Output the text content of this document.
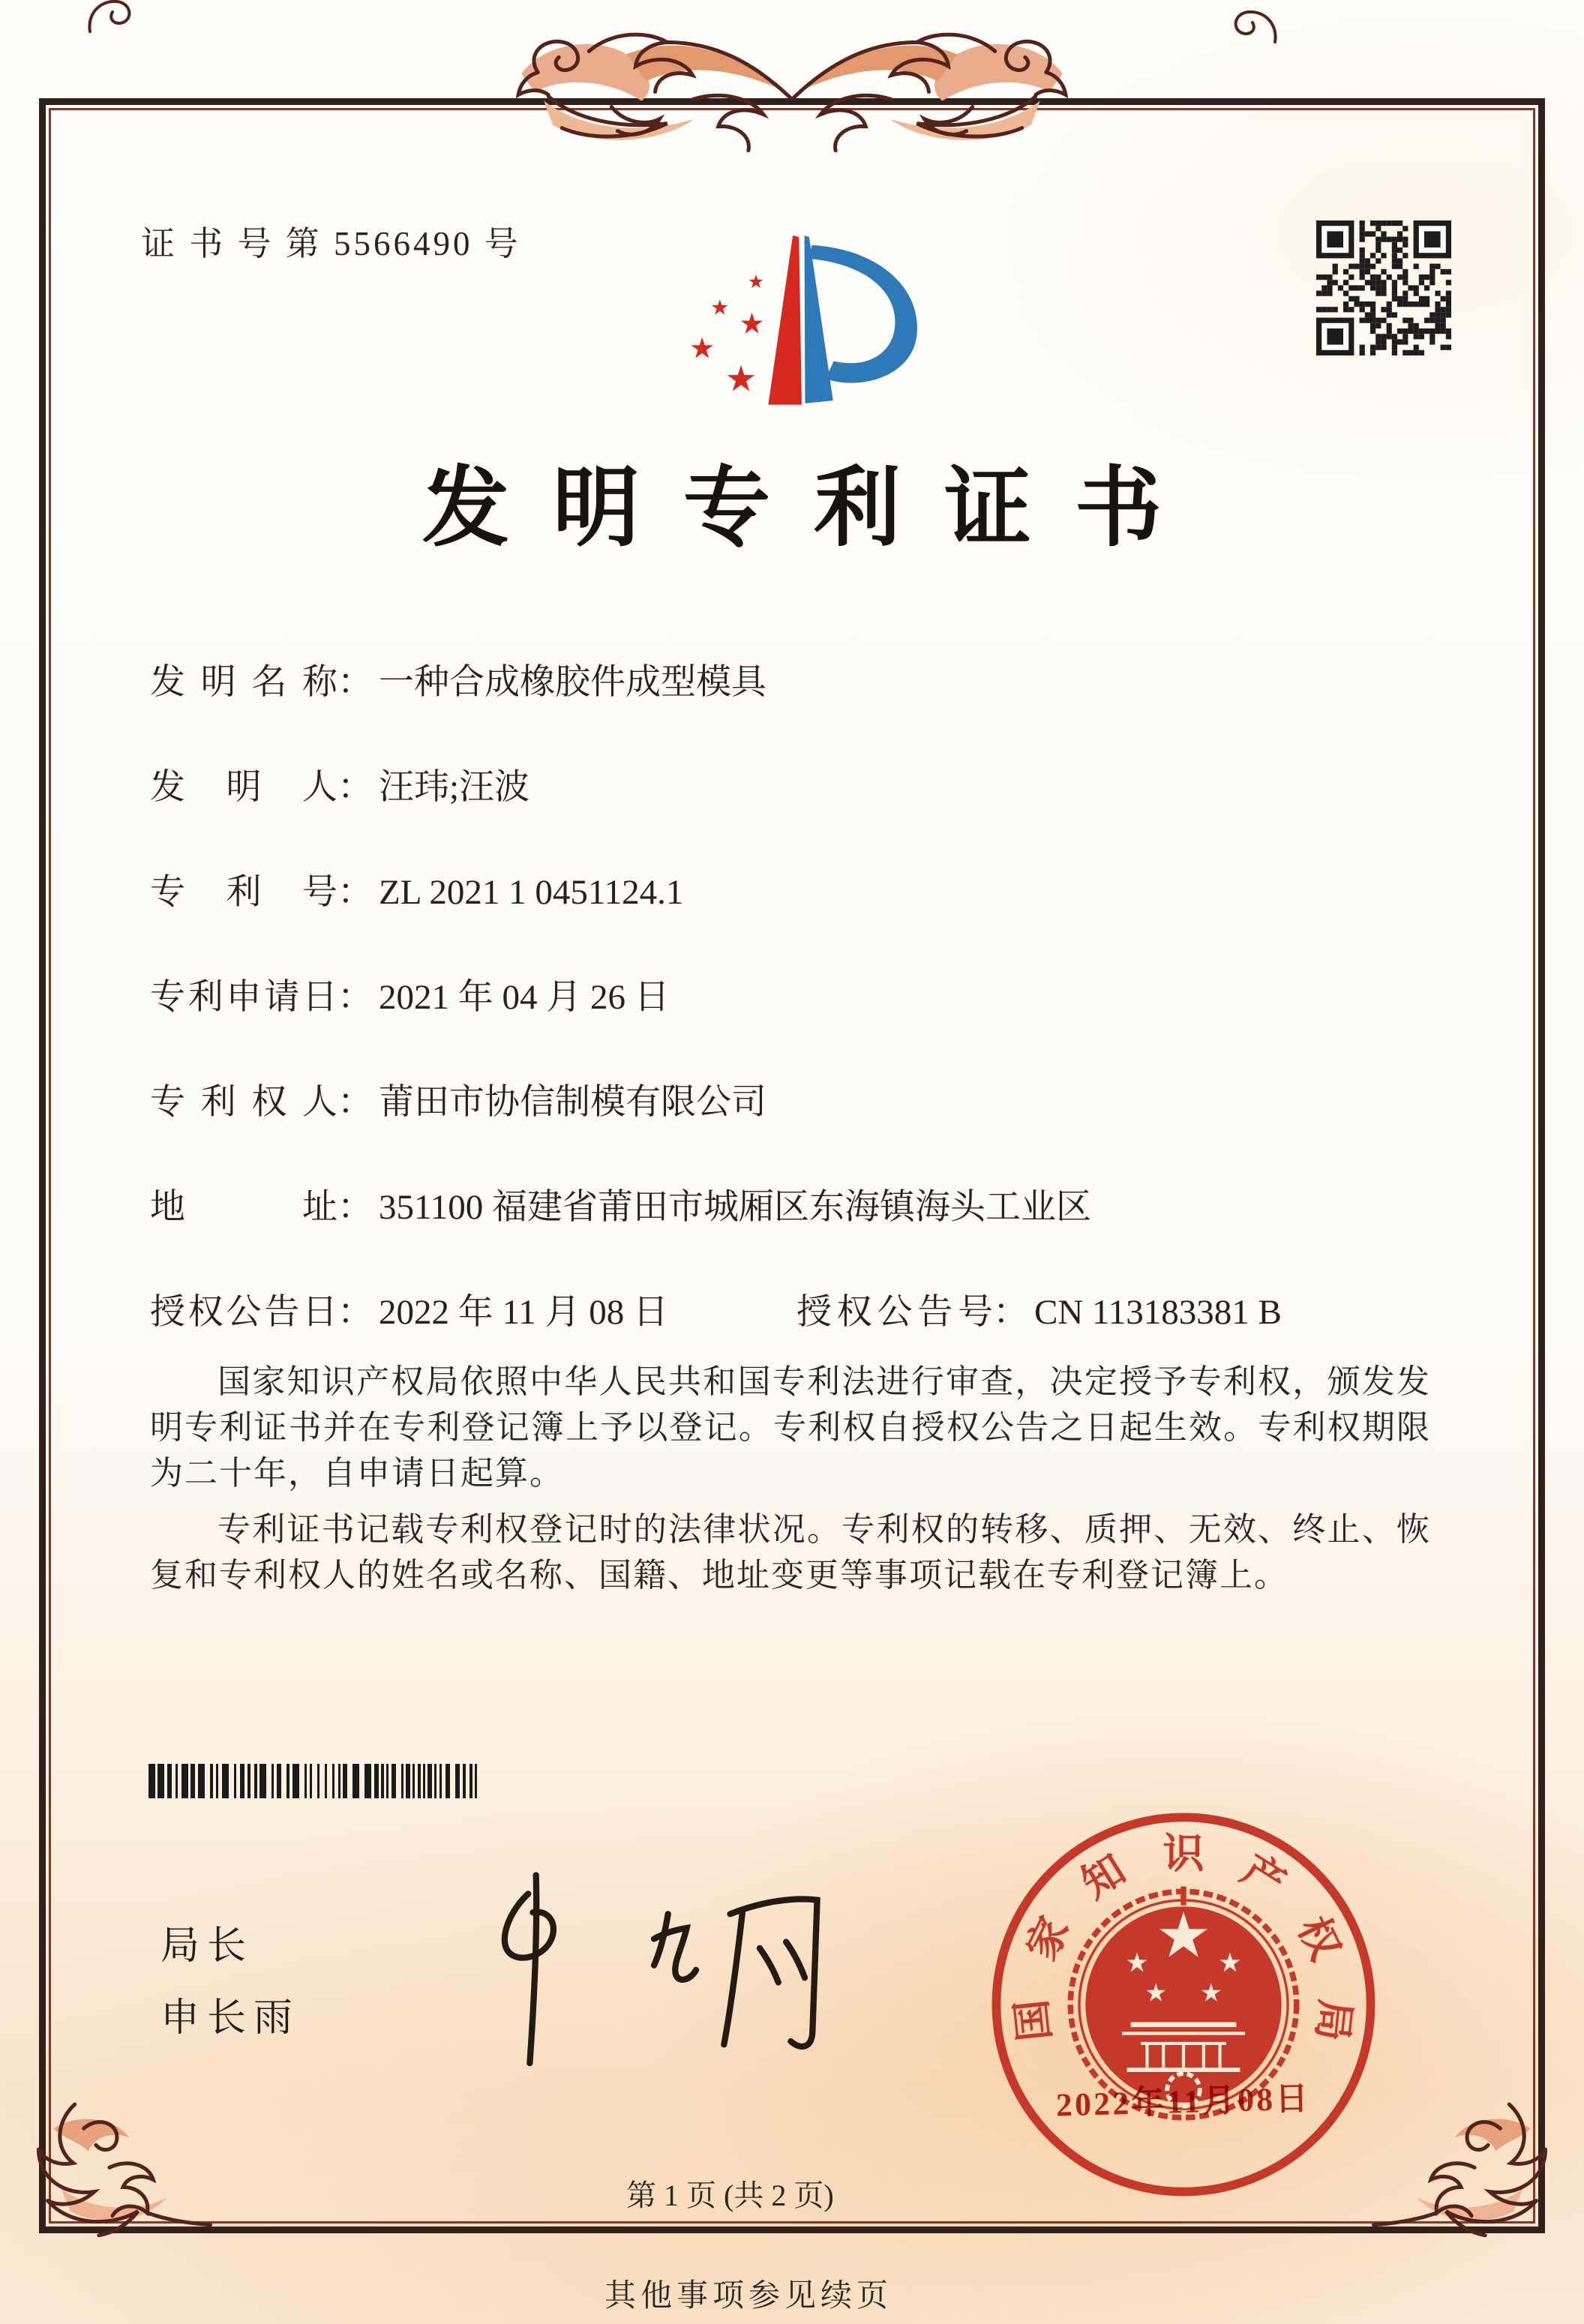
证 书 号 第 5566490 号
发明专利证书
发明名称： 一种合成橡胶件成型模具
发明人： 汪玮;汪波
专利号： ZL 2021 1 0451124.1
专利申请日： 2021 年 04 月 26 日
专利权人： 莆田市协信制模有限公司
地址： 351100 福建省莆田市城厢区东海镇海头工业区
授权公告日： 2022 年 11 月 08 日	授权公告号： CN 113183381 B

国家知识产权局依照中华人民共和国专利法进行审查，决定授予专利权，颁发发明专利证书并在专利登记簿上予以登记。专利权自授权公告之日起生效。专利权期限为二十年，自申请日起算。

专利证书记载专利权登记时的法律状况。专利权的转移、质押、无效、终止、恢复和专利权人的姓名或名称、国籍、地址变更等事项记载在专利登记簿上。

局长
申长雨	国
家
知 识 产
权
局
2022年11月08日
第 1 页 (共 2 页)
其他事项参见续页
